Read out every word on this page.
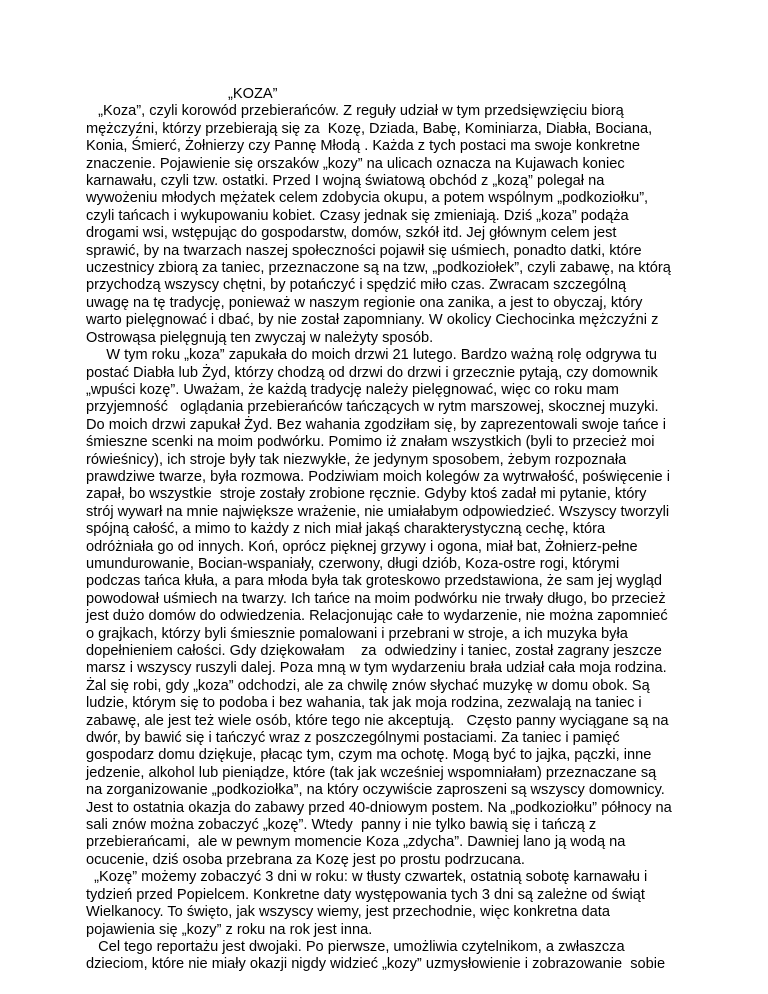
„KOZA”
„Koza”, czyli korowód przebierańców. Z reguły udział w tym przedsięwzięciu biorą
mężczyźni, którzy przebierają się za  Kozę, Dziada, Babę, Kominiarza, Diabła, Bociana,
Konia, Śmierć, Żołnierzy czy Pannę Młodą . Każda z tych postaci ma swoje konkretne
znaczenie. Pojawienie się orszaków „kozy” na ulicach oznacza na Kujawach koniec
karnawału, czyli tzw. ostatki. Przed I wojną światową obchód z „kozą” polegał na
wywożeniu młodych mężatek celem zdobycia okupu, a potem wspólnym „podkoziołku”,
czyli tańcach i wykupowaniu kobiet. Czasy jednak się zmieniają. Dziś „koza” podąża
drogami wsi, wstępując do gospodarstw, domów, szkół itd. Jej głównym celem jest
sprawić, by na twarzach naszej społeczności pojawił się uśmiech, ponadto datki, które
uczestnicy zbiorą za taniec, przeznaczone są na tzw, „podkoziołek”, czyli zabawę, na którą
przychodzą wszyscy chętni, by potańczyć i spędzić miło czas. Zwracam szczególną
uwagę na tę tradycję, ponieważ w naszym regionie ona zanika, a jest to obyczaj, który
warto pielęgnować i dbać, by nie został zapomniany. W okolicy Ciechocinka mężczyźni z
Ostrowąsa pielęgnują ten zwyczaj w należyty sposób.
W tym roku „koza” zapukała do moich drzwi 21 lutego. Bardzo ważną rolę odgrywa tu
postać Diabła lub Żyd, którzy chodzą od drzwi do drzwi i grzecznie pytają, czy domownik
„wpuści kozę”. Uważam, że każdą tradycję należy pielęgnować, więc co roku mam
przyjemność   oglądania przebierańców tańczących w rytm marszowej, skocznej muzyki.
Do moich drzwi zapukał Żyd. Bez wahania zgodziłam się, by zaprezentowali swoje tańce i
śmieszne scenki na moim podwórku. Pomimo iż znałam wszystkich (byli to przecież moi
rówieśnicy), ich stroje były tak niezwykłe, że jedynym sposobem, żebym rozpoznała
prawdziwe twarze, była rozmowa. Podziwiam moich kolegów za wytrwałość, poświęcenie i
zapał, bo wszystkie  stroje zostały zrobione ręcznie. Gdyby ktoś zadał mi pytanie, który
strój wywarł na mnie największe wrażenie, nie umiałabym odpowiedzieć. Wszyscy tworzyli
spójną całość, a mimo to każdy z nich miał jakąś charakterystyczną cechę, która
odróżniała go od innych. Koń, oprócz pięknej grzywy i ogona, miał bat, Żołnierz-pełne
umundurowanie, Bocian-wspaniały, czerwony, długi dziób, Koza-ostre rogi, którymi
podczas tańca kłuła, a para młoda była tak groteskowo przedstawiona, że sam jej wygląd
powodował uśmiech na twarzy. Ich tańce na moim podwórku nie trwały długo, bo przecież
jest dużo domów do odwiedzenia. Relacjonując całe to wydarzenie, nie można zapomnieć
o grajkach, którzy byli śmiesznie pomalowani i przebrani w stroje, a ich muzyka była
dopełnieniem całości. Gdy dziękowałam    za  odwiedziny i taniec, został zagrany jeszcze
marsz i wszyscy ruszyli dalej. Poza mną w tym wydarzeniu brała udział cała moja rodzina.
Żal się robi, gdy „koza” odchodzi, ale za chwilę znów słychać muzykę w domu obok. Są
ludzie, którym się to podoba i bez wahania, tak jak moja rodzina, zezwalają na taniec i
zabawę, ale jest też wiele osób, które tego nie akceptują.   Często panny wyciągane są na
dwór, by bawić się i tańczyć wraz z poszczególnymi postaciami. Za taniec i pamięć
gospodarz domu dziękuje, płacąc tym, czym ma ochotę. Mogą być to jajka, pączki, inne
jedzenie, alkohol lub pieniądze, które (tak jak wcześniej wspomniałam) przeznaczane są
na zorganizowanie „podkoziołka”, na który oczywiście zaproszeni są wszyscy domownicy.
Jest to ostatnia okazja do zabawy przed 40-dniowym postem. Na „podkoziołku” północy na
sali znów można zobaczyć „kozę”. Wtedy  panny i nie tylko bawią się i tańczą z
przebierańcami,  ale w pewnym momencie Koza „zdycha”. Dawniej lano ją wodą na
ocucenie, dziś osoba przebrana za Kozę jest po prostu podrzucana.
„Kozę” możemy zobaczyć 3 dni w roku: w tłusty czwartek, ostatnią sobotę karnawału i
tydzień przed Popielcem. Konkretne daty występowania tych 3 dni są zależne od świąt
Wielkanocy. To święto, jak wszyscy wiemy, jest przechodnie, więc konkretna data
pojawienia się „kozy” z roku na rok jest inna.
Cel tego reportażu jest dwojaki. Po pierwsze, umożliwia czytelnikom, a zwłaszcza
dzieciom, które nie miały okazji nigdy widzieć „kozy” uzmysłowienie i zobrazowanie  sobie
